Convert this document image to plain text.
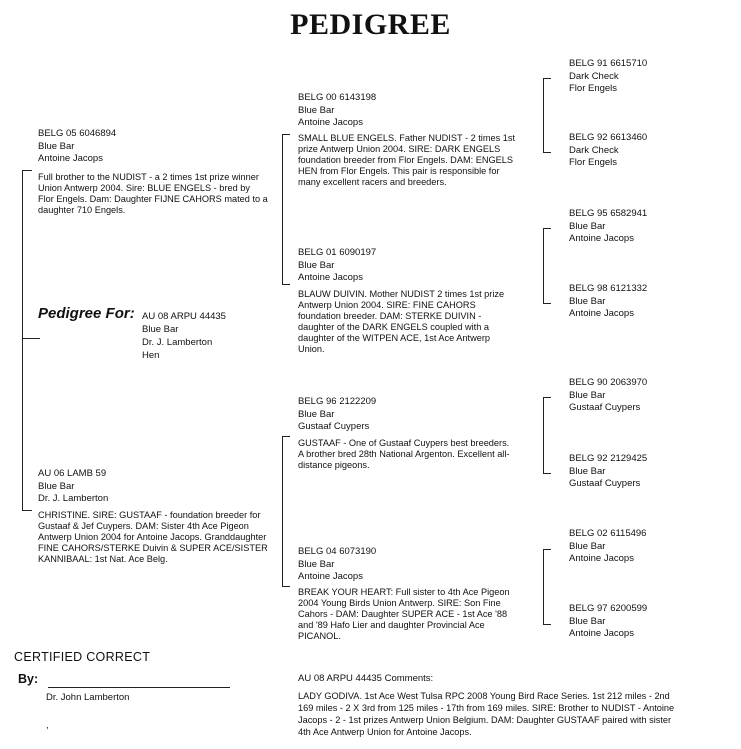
PEDIGREE
BELG 05 6046894
Blue Bar
Antoine Jacops
Full brother to the NUDIST - a 2 times 1st prize winner Union Antwerp 2004. Sire: BLUE ENGELS - bred by Flor Engels. Dam: Daughter FIJNE CAHORS mated to a daughter 710 Engels.
Pedigree For: AU 08 ARPU 44435
Blue Bar
Dr. J. Lamberton
Hen
AU 06 LAMB 59
Blue Bar
Dr. J. Lamberton
CHRISTINE. SIRE: GUSTAAF - foundation breeder for Gustaaf & Jef Cuypers. DAM: Sister 4th Ace Pigeon Antwerp Union 2004 for Antoine Jacops. Granddaughter FINE CAHORS/STERKE Duivin & SUPER ACE/SISTER KANNIBAAL: 1st Nat. Ace Belg.
BELG 00 6143198
Blue Bar
Antoine Jacops
SMALL BLUE ENGELS. Father NUDIST - 2 times 1st prize Antwerp Union 2004. SIRE: DARK ENGELS foundation breeder from Flor Engels. DAM: ENGELS HEN from Flor Engels. This pair is responsible for many excellent racers and breeders.
BELG 01 6090197
Blue Bar
Antoine Jacops
BLAUW DUIVIN. Mother NUDIST 2 times 1st prize Antwerp Union 2004. SIRE: FINE CAHORS foundation breeder. DAM: STERKE DUIVIN - daughter of the DARK ENGELS coupled with a daughter of the WITPEN ACE, 1st Ace Antwerp Union.
BELG 96 2122209
Blue Bar
Gustaaf Cuypers
GUSTAAF - One of Gustaaf Cuypers best breeders. A brother bred 28th National Argenton. Excellent all-distance pigeons.
BELG 04 6073190
Blue Bar
Antoine Jacops
BREAK YOUR HEART: Full sister to 4th Ace Pigeon 2004 Young Birds Union Antwerp. SIRE: Son Fine Cahors - DAM: Daughter SUPER ACE - 1st Ace '88 and '89 Hafo Lier and daughter Provincial Ace PICANOL.
BELG 91 6615710
Dark Check
Flor Engels
BELG 92 6613460
Dark Check
Flor Engels
BELG 95 6582941
Blue Bar
Antoine Jacops
BELG 98 6121332
Blue Bar
Antoine Jacops
BELG 90 2063970
Blue Bar
Gustaaf Cuypers
BELG 92 2129425
Blue Bar
Gustaaf Cuypers
BELG 02 6115496
Blue Bar
Antoine Jacops
BELG 97 6200599
Blue Bar
Antoine Jacops
CERTIFIED CORRECT
By:
Dr. John Lamberton
,
AU 08 ARPU 44435 Comments:
LADY GODIVA. 1st Ace West Tulsa RPC 2008 Young Bird Race Series. 1st 212 miles - 2nd 169 miles - 2 X 3rd from 125 miles - 17th from 169 miles. SIRE: Brother to NUDIST - Antoine Jacops - 2 - 1st prizes Antwerp Union Belgium. DAM: Daughter GUSTAAF paired with sister 4th Ace Antwerp Union for Antoine Jacops.
